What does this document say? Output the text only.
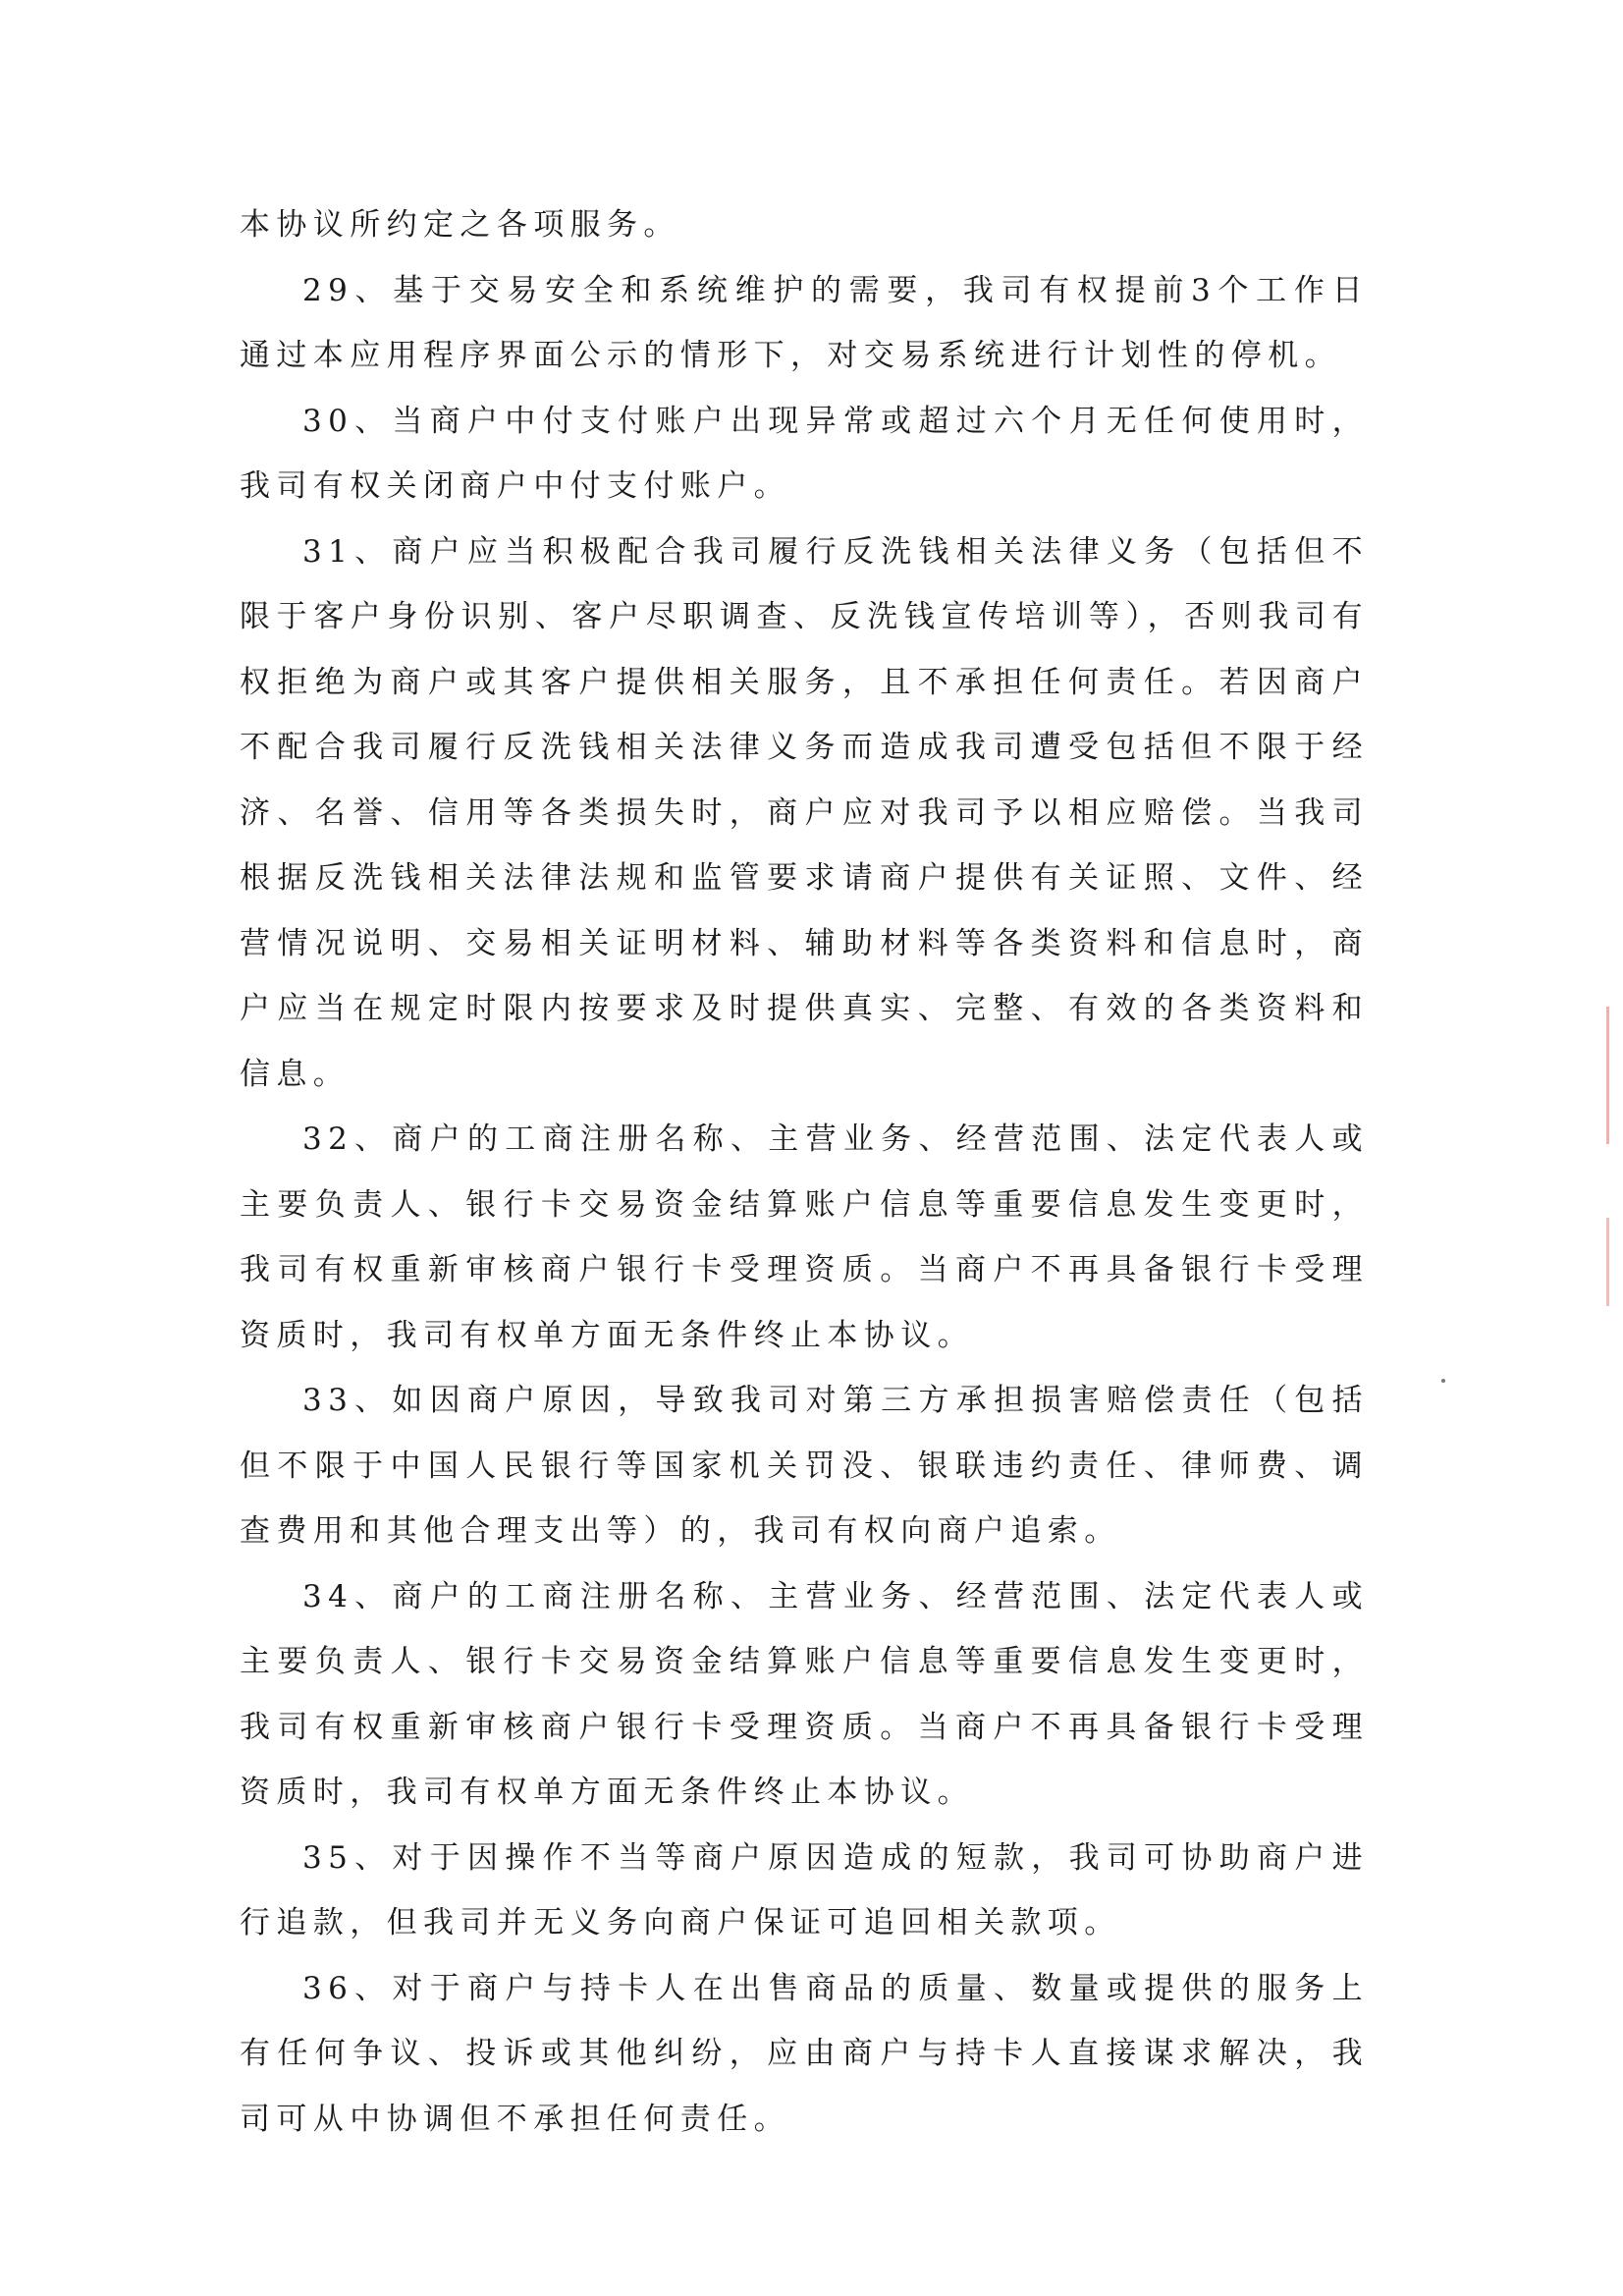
本协议所约定之各项服务。

29、基于交易安全和系统维护的需要，我司有权提前3个工作日通过本应用程序界面公示的情形下，对交易系统进行计划性的停机。

30、当商户中付支付账户出现异常或超过六个月无任何使用时，我司有权关闭商户中付支付账户。

31、商户应当积极配合我司履行反洗钱相关法律义务（包括但不限于客户身份识别、客户尽职调查、反洗钱宣传培训等），否则我司有权拒绝为商户或其客户提供相关服务，且不承担任何责任。若因商户不配合我司履行反洗钱相关法律义务而造成我司遭受包括但不限于经济、名誉、信用等各类损失时，商户应对我司予以相应赔偿。当我司根据反洗钱相关法律法规和监管要求请商户提供有关证照、文件、经营情况说明、交易相关证明材料、辅助材料等各类资料和信息时，商户应当在规定时限内按要求及时提供真实、完整、有效的各类资料和信息。

32、商户的工商注册名称、主营业务、经营范围、法定代表人或主要负责人、银行卡交易资金结算账户信息等重要信息发生变更时，我司有权重新审核商户银行卡受理资质。当商户不再具备银行卡受理资质时，我司有权单方面无条件终止本协议。

33、如因商户原因，导致我司对第三方承担损害赔偿责任（包括但不限于中国人民银行等国家机关罚没、银联违约责任、律师费、调查费用和其他合理支出等）的，我司有权向商户追索。

34、商户的工商注册名称、主营业务、经营范围、法定代表人或主要负责人、银行卡交易资金结算账户信息等重要信息发生变更时，我司有权重新审核商户银行卡受理资质。当商户不再具备银行卡受理资质时，我司有权单方面无条件终止本协议。

35、对于因操作不当等商户原因造成的短款，我司可协助商户进行追款，但我司并无义务向商户保证可追回相关款项。

36、对于商户与持卡人在出售商品的质量、数量或提供的服务上有任何争议、投诉或其他纠纷，应由商户与持卡人直接谋求解决，我司可从中协调但不承担任何责任。
